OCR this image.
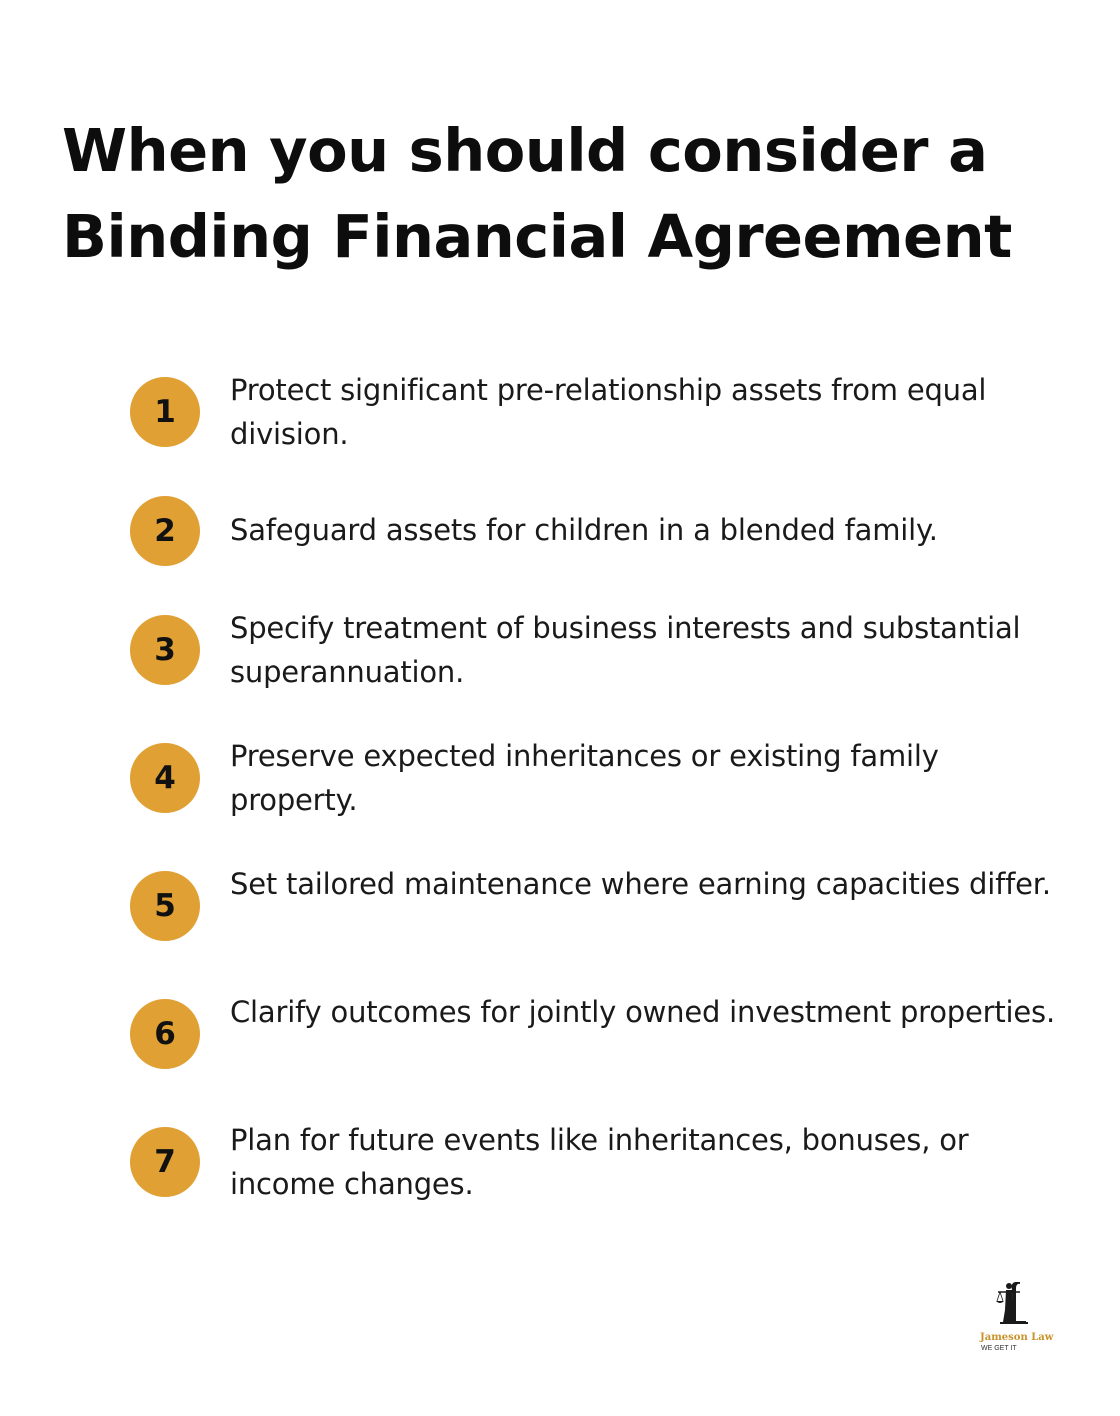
When you should consider a
Binding Financial Agreement
1
Protect significant pre-relationship assets from equal division.
2	Safeguard assets for children in a blended family.
3
Specify treatment of business interests and substantial superannuation.
4
Preserve expected inheritances or existing family property.
5
Set tailored maintenance where earning capacities differ.
6
Clarify outcomes for jointly owned investment properties.
7
Plan for future events like inheritances, bonuses, or income changes.
Jameson Law
WE GET IT
